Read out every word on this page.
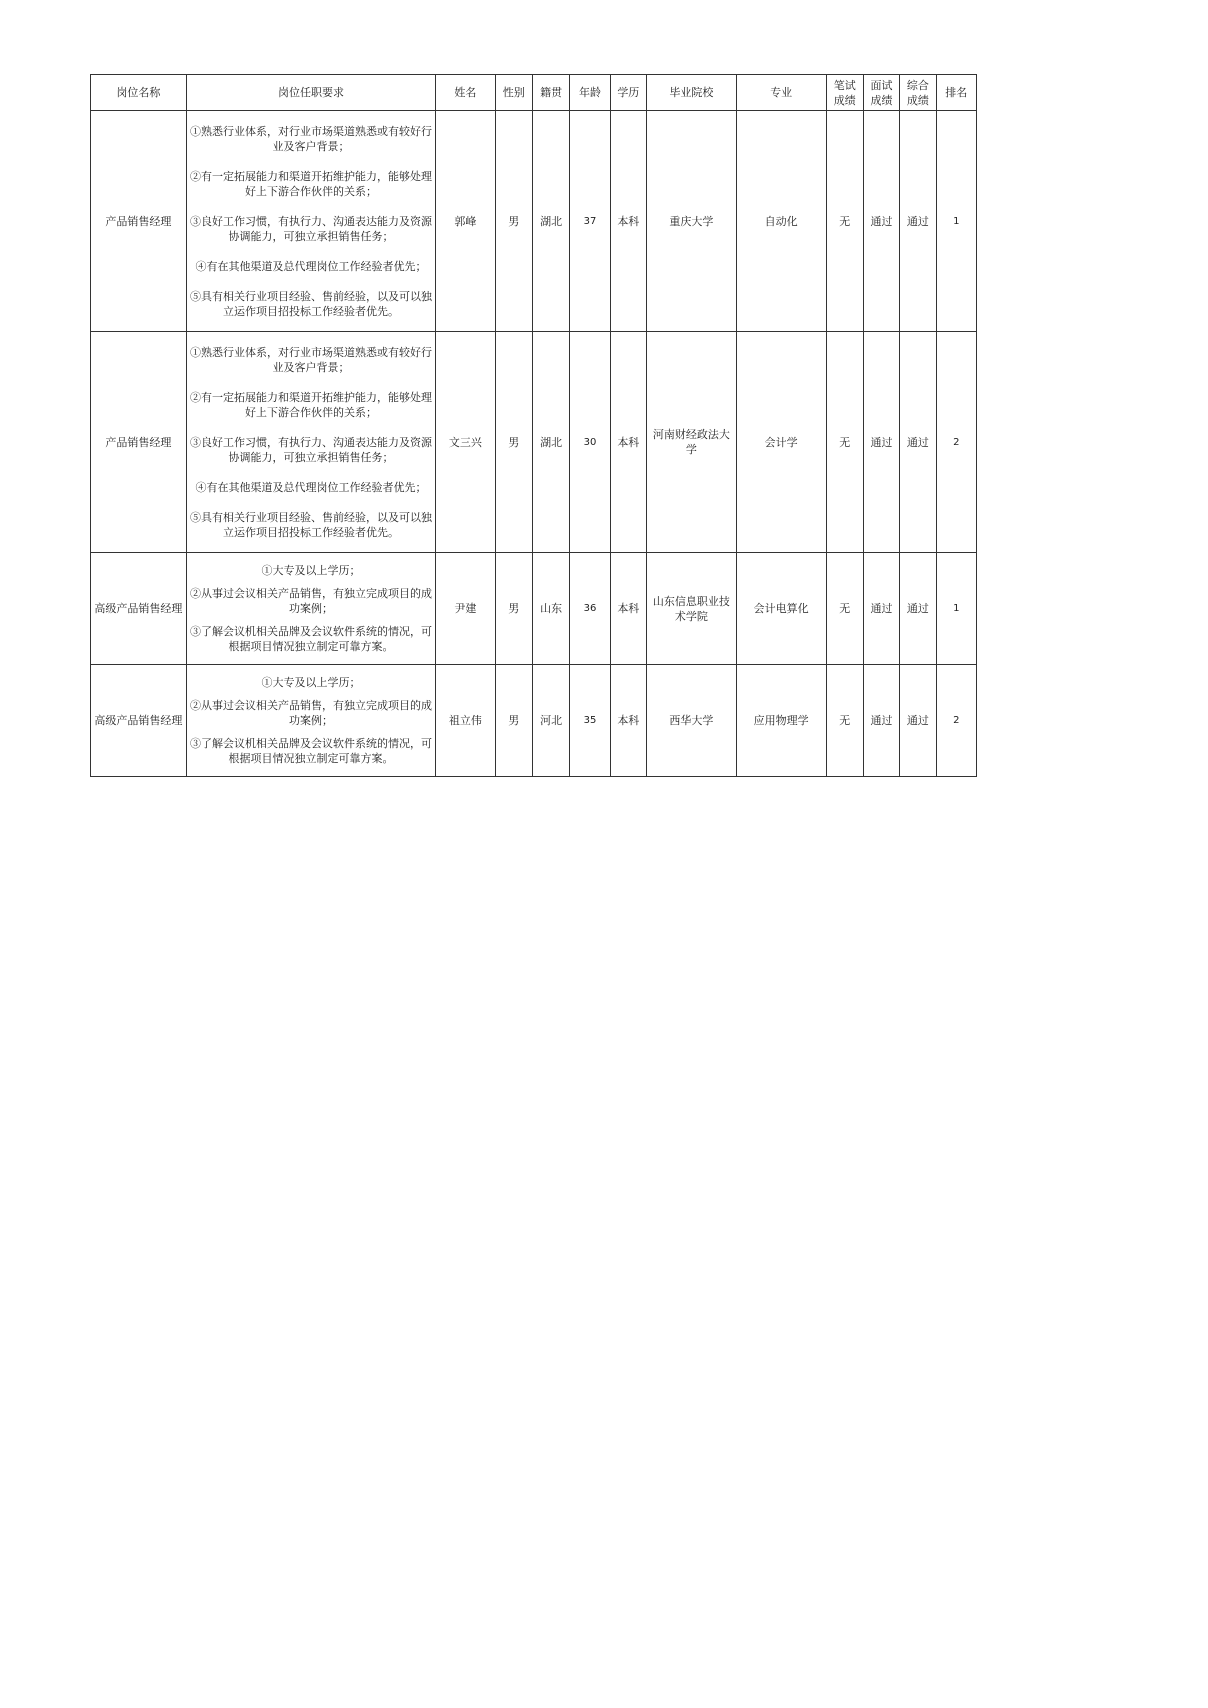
岗位名称	岗位任职要求	姓名	性别	籍贯	年龄	学历	毕业院校	专业	笔试成绩	面试成绩	综合成绩	排名
产品销售经理	①熟悉行业体系，对行业市场渠道熟悉或有较好行业及客户背景；

②有一定拓展能力和渠道开拓维护能力，能够处理好上下游合作伙伴的关系；

③良好工作习惯，有执行力、沟通表达能力及资源协调能力，可独立承担销售任务；

④有在其他渠道及总代理岗位工作经验者优先；

⑤具有相关行业项目经验、售前经验，以及可以独立运作项目招投标工作经验者优先。	郭峰	男	湖北	37	本科	重庆大学	自动化	无	通过	通过	1
产品销售经理	①熟悉行业体系，对行业市场渠道熟悉或有较好行业及客户背景；

②有一定拓展能力和渠道开拓维护能力，能够处理好上下游合作伙伴的关系；

③良好工作习惯，有执行力、沟通表达能力及资源协调能力，可独立承担销售任务；

④有在其他渠道及总代理岗位工作经验者优先；

⑤具有相关行业项目经验、售前经验，以及可以独立运作项目招投标工作经验者优先。	文三兴	男	湖北	30	本科	河南财经政法大学	会计学	无	通过	通过	2
高级产品销售经理	①大专及以上学历；

②从事过会议相关产品销售，有独立完成项目的成功案例；

③了解会议机相关品牌及会议软件系统的情况，可根据项目情况独立制定可靠方案。	尹建	男	山东	36	本科	山东信息职业技术学院	会计电算化	无	通过	通过	1
高级产品销售经理	①大专及以上学历；

②从事过会议相关产品销售，有独立完成项目的成功案例；

③了解会议机相关品牌及会议软件系统的情况，可根据项目情况独立制定可靠方案。	祖立伟	男	河北	35	本科	西华大学	应用物理学	无	通过	通过	2
